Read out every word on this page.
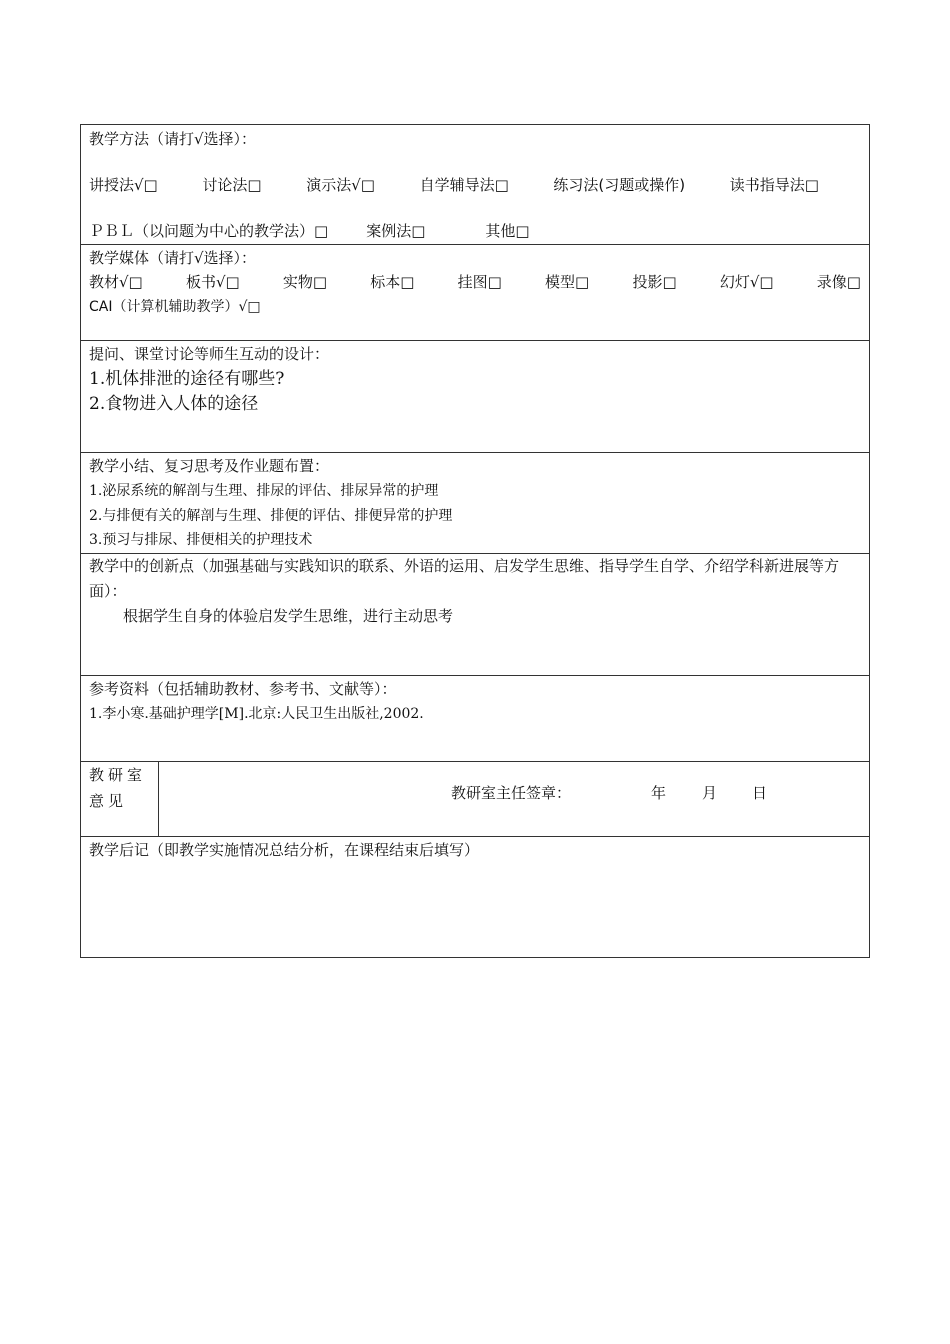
教学方法（请打√选择）：
讲授法√□	讨论法□	演示法√□	自学辅导法□	练习法(习题或操作)	读书指导法□
ＰＢＬ（以问题为中心的教学法）□	案例法□	其他□
教学媒体（请打√选择）：
教材√□	板书√□	实物□	标本□	挂图□	模型□	投影□	幻灯√□	录像□
CAI（计算机辅助教学）√□
提问、课堂讨论等师生互动的设计：
1.机体排泄的途径有哪些?
2.食物进入人体的途径
教学小结、复习思考及作业题布置：
1.泌尿系统的解剖与生理、排尿的评估、排尿异常的护理
2.与排便有关的解剖与生理、排便的评估、排便异常的护理
3.预习与排尿、排便相关的护理技术
教学中的创新点（加强基础与实践知识的联系、外语的运用、启发学生思维、指导学生自学、介绍学科新进展等方面）：
根据学生自身的体验启发学生思维，进行主动思考
参考资料（包括辅助教材、参考书、文献等）：
1.李小寒.基础护理学[M].北京:人民卫生出版社,2002.
教研室
意见	教研室主任签章：	年 月 日
教学后记（即教学实施情况总结分析，在课程结束后填写）
